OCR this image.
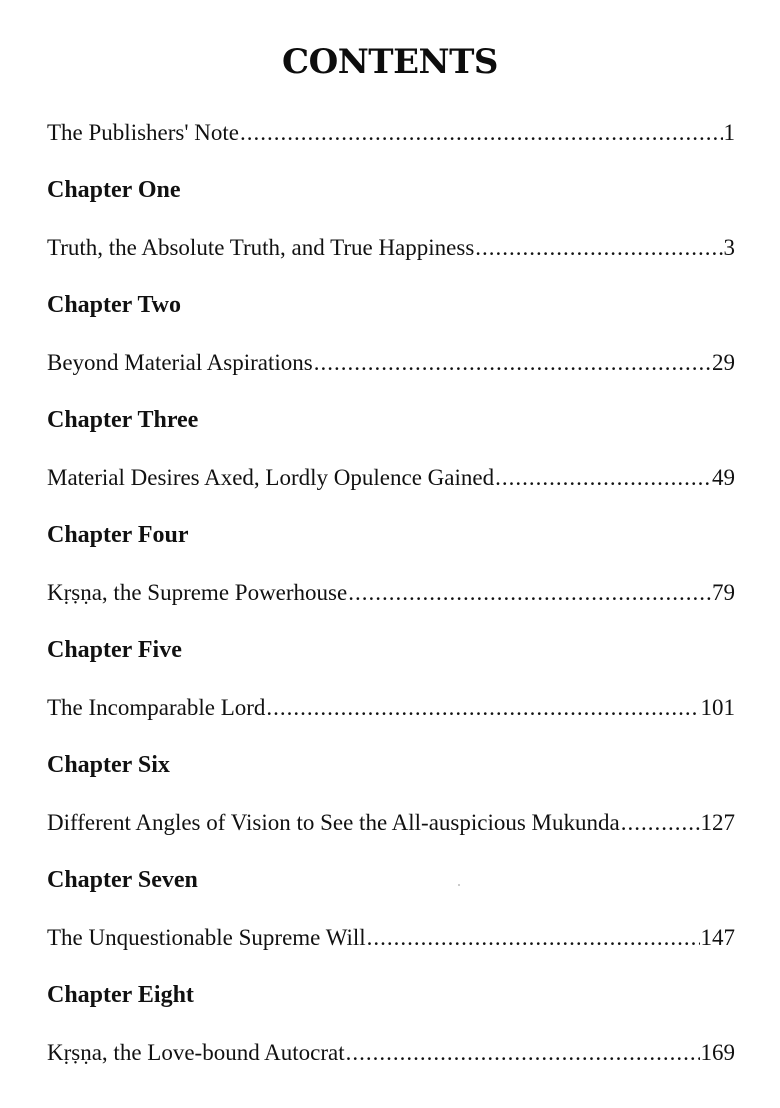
CONTENTS
The Publishers' Note .....	1
Chapter One
Truth, the Absolute Truth, and True Happiness .....	3
Chapter Two
Beyond Material Aspirations .....	29
Chapter Three
Material Desires Axed, Lordly Opulence Gained .....	49
Chapter Four
Kṛṣṇa, the Supreme Powerhouse .....	79
Chapter Five
The Incomparable Lord .....	101
Chapter Six
Different Angles of Vision to See the All-auspicious Mukunda .....	127
Chapter Seven
The Unquestionable Supreme Will .....	147
Chapter Eight
Kṛṣṇa, the Love-bound Autocrat .....	169
